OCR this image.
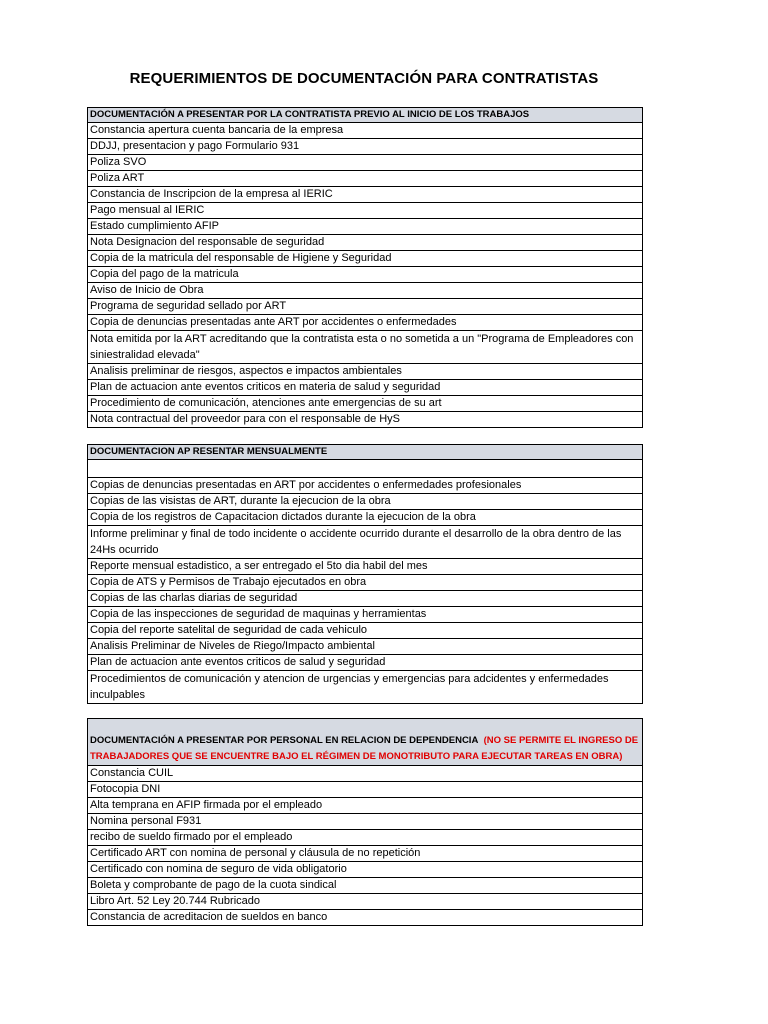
REQUERIMIENTOS DE DOCUMENTACIÓN PARA CONTRATISTAS
DOCUMENTACIÓN A PRESENTAR POR LA CONTRATISTA PREVIO AL INICIO DE LOS TRABAJOS
Constancia apertura cuenta bancaria de la empresa
DDJJ, presentacion y pago Formulario 931
Poliza SVO
Poliza ART
Constancia de Inscripcion de la empresa al IERIC
Pago mensual al IERIC
Estado cumplimiento AFIP
Nota Designacion del responsable de seguridad
Copia de la matricula del responsable de Higiene y Seguridad
Copia del pago de la matricula
Aviso de Inicio de Obra
Programa de seguridad sellado por ART
Copia de denuncias presentadas ante ART por accidentes o enfermedades
Nota emitida por la ART acreditando que la contratista esta o no sometida a un "Programa de Empleadores con siniestralidad elevada"
Analisis preliminar de riesgos, aspectos e impactos ambientales
Plan de actuacion ante eventos criticos en materia de salud y seguridad
Procedimiento de comunicación, atenciones ante emergencias de su art
Nota contractual del proveedor para con el responsable de HyS
DOCUMENTACION AP RESENTAR MENSUALMENTE

Copias de denuncias presentadas en ART por accidentes o enfermedades profesionales
Copias de las visistas de ART, durante la ejecucion de la obra
Copia de los registros de Capacitacion dictados durante la ejecucion de la obra
Informe preliminar y final de todo incidente o accidente ocurrido durante el desarrollo de la obra dentro de las 24Hs ocurrido
Reporte mensual estadistico, a ser entregado el 5to dia habil del mes
Copia de ATS y Permisos de Trabajo ejecutados en obra
Copias de las charlas diarias de seguridad
Copia de las inspecciones de seguridad de maquinas y herramientas
Copia del reporte satelital de seguridad de cada vehiculo
Analisis Preliminar de Niveles de Riego/Impacto ambiental
Plan de actuacion ante eventos criticos de salud y seguridad
Procedimientos de comunicación y atencion de urgencias y emergencias para adcidentes y enfermedades inculpables
DOCUMENTACIÓN A PRESENTAR POR PERSONAL EN RELACION DE DEPENDENCIA (NO SE PERMITE EL INGRESO DE TRABAJADORES QUE SE ENCUENTRE BAJO EL RÉGIMEN DE MONOTRIBUTO PARA EJECUTAR TAREAS EN OBRA)
Constancia CUIL
Fotocopia DNI
Alta temprana en AFIP firmada por el empleado
Nomina personal F931
recibo de sueldo firmado por el empleado
Certificado ART con nomina de personal y cláusula de no repetición
Certificado con nomina de seguro de vida obligatorio
Boleta y comprobante de pago de la cuota sindical
Libro Art. 52 Ley 20.744 Rubricado
Constancia de acreditacion de sueldos en banco
